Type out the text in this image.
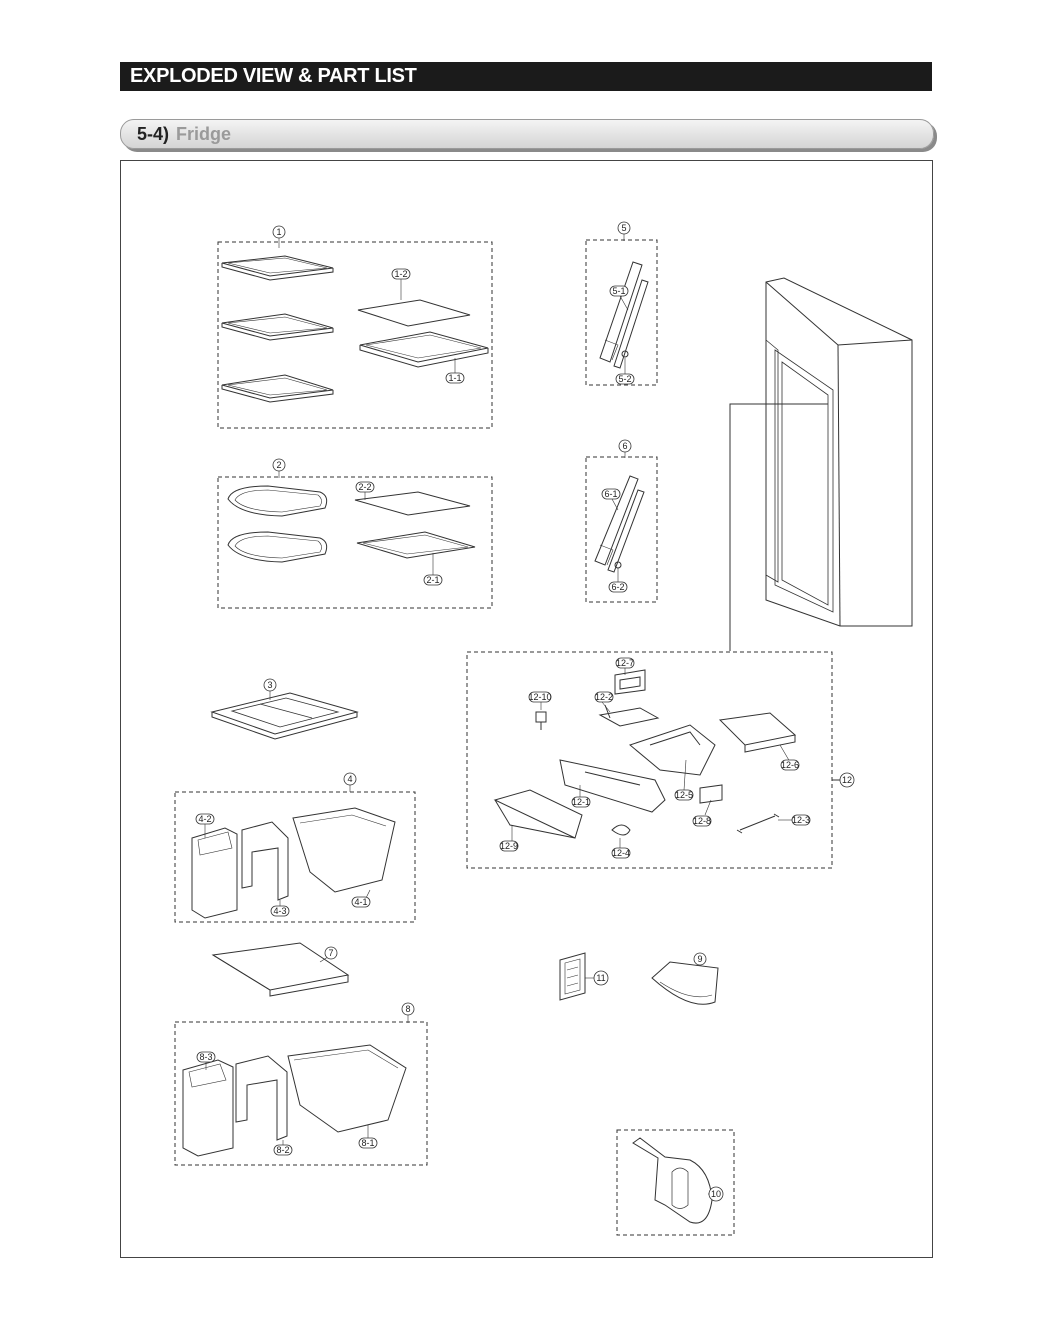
EXPLODED VIEW & PART LIST
5-4) Fridge
1
1-2
1-1
2
2-2
2-1
3
4
4-2
4-3
4-1
5
5-1
5-2
6
6-1
6-2
7
8
8-3
8-2
8-1
12-7
12-2
12-10
12-5
12-6
12-1
12-9
12-8
12-4
12-3
12
11
9
10
